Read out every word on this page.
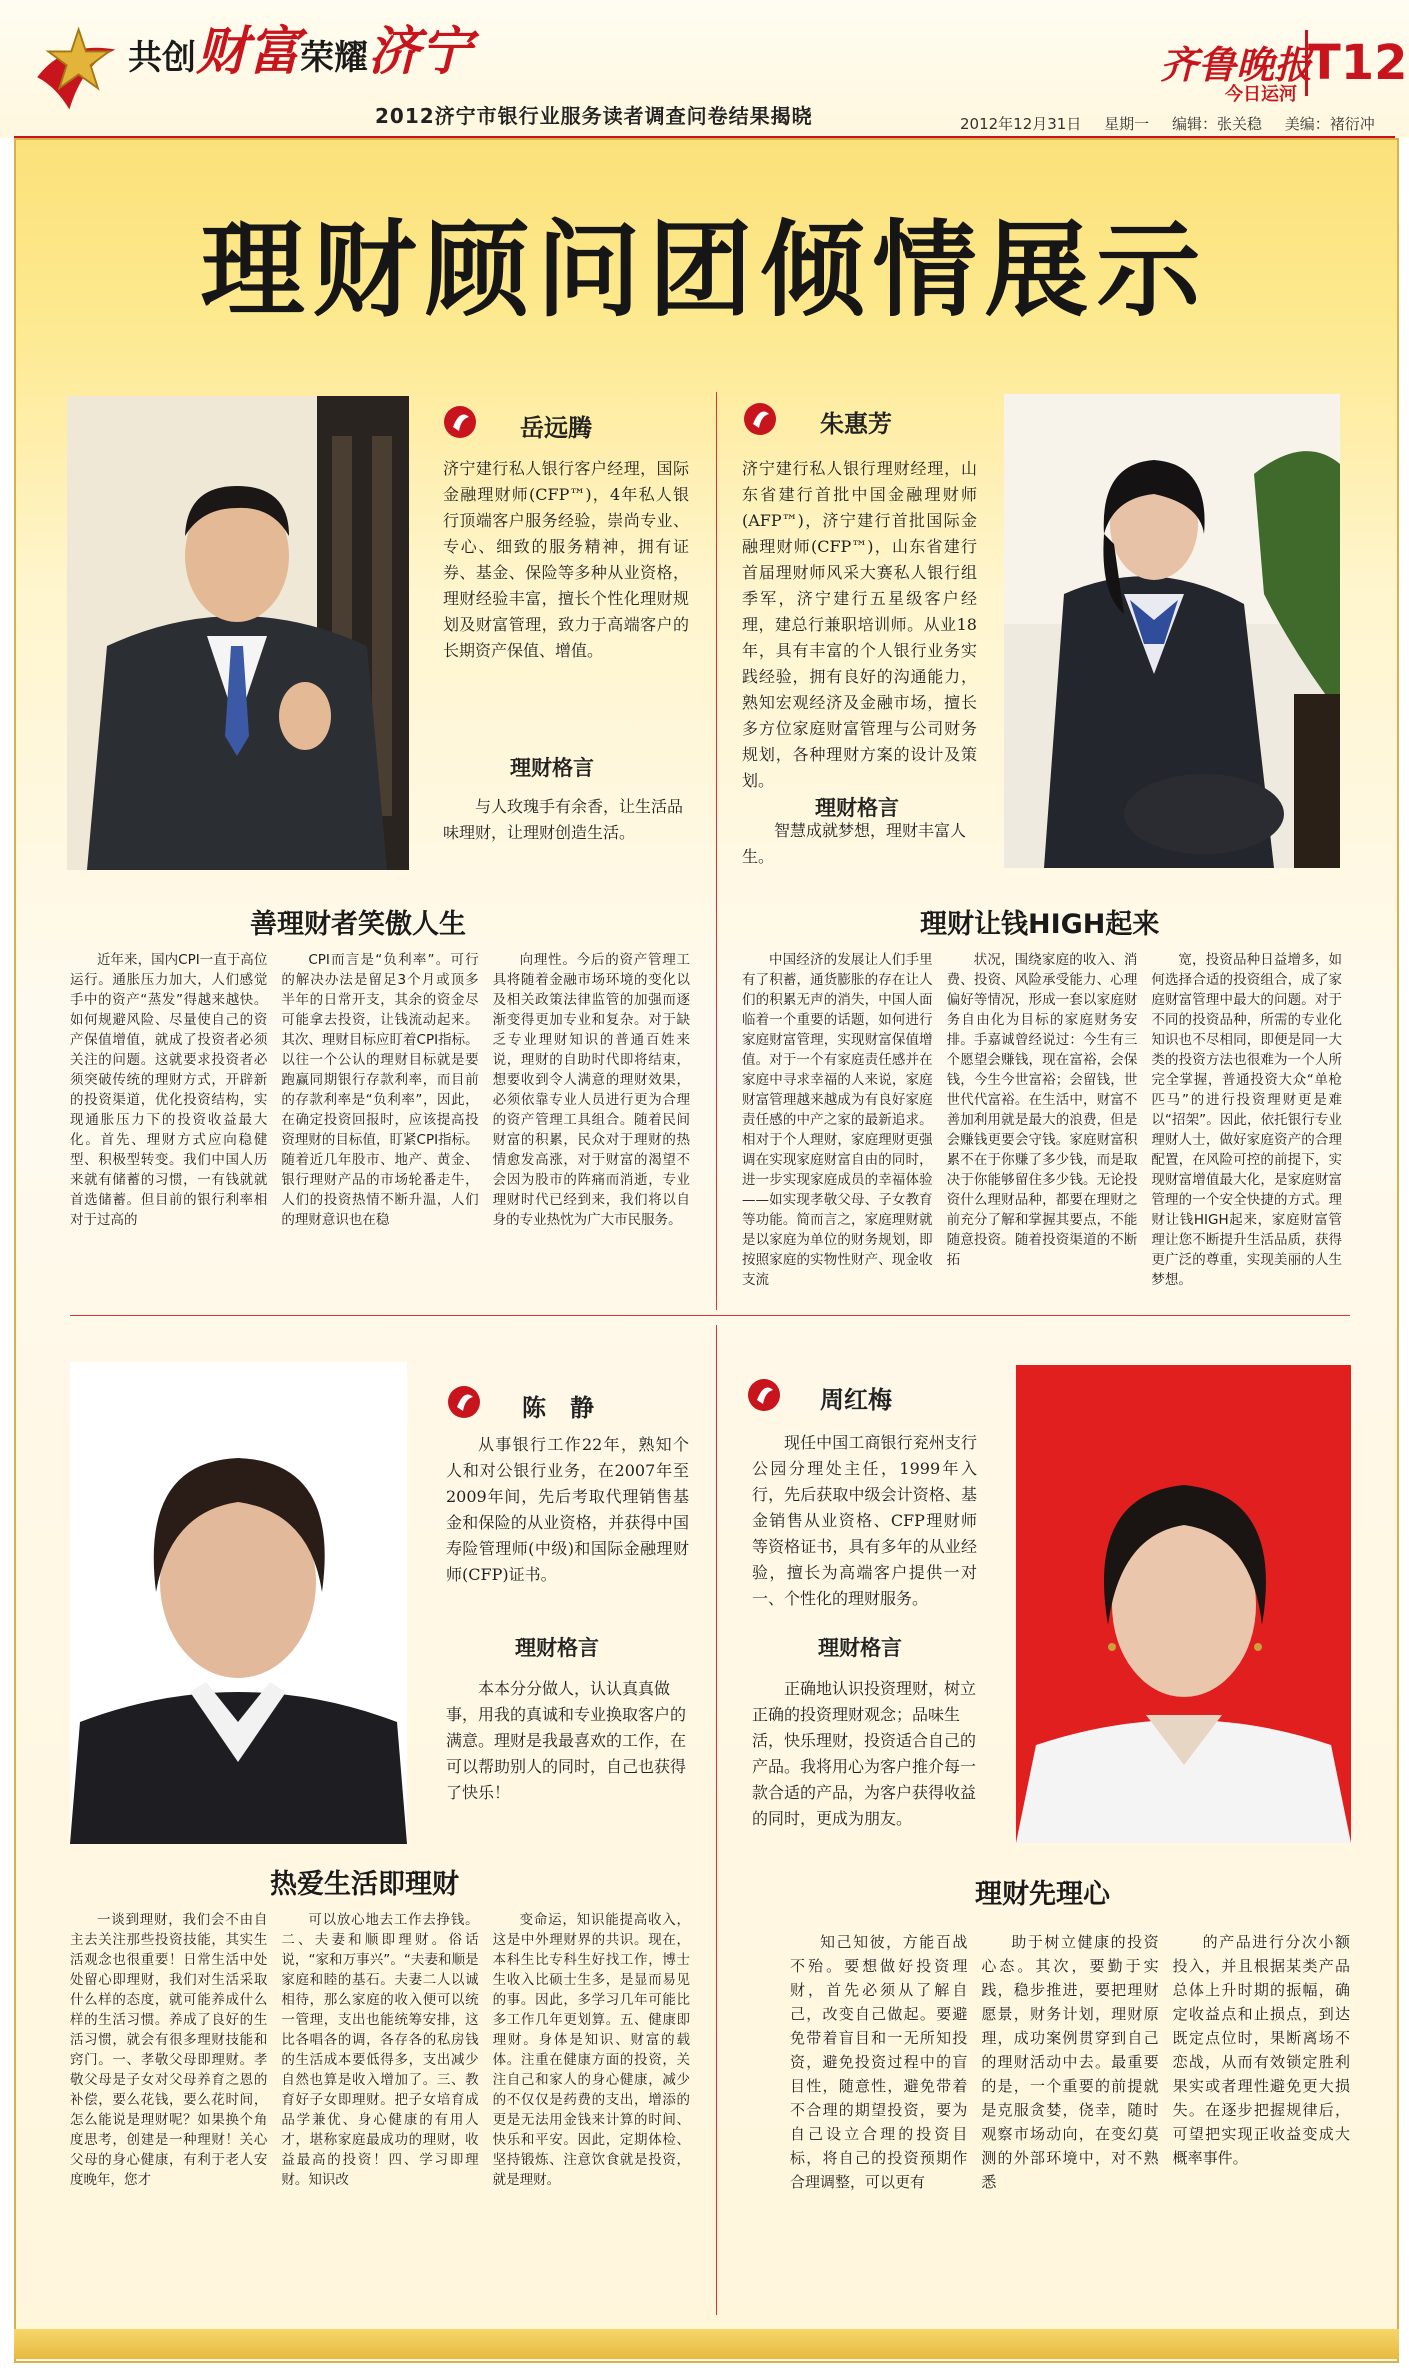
共创财富荣耀济宁
2012济宁市银行业服务读者调查问卷结果揭晓
齐鲁晚报
今日运河
T12
2012年12月31日 星期一 编辑：张关稳 美编：褚衍冲
理财顾问团倾情展示
岳远腾
济宁建行私人银行客户经理，国际金融理财师(CFP™)，4年私人银行顶端客户服务经验，崇尚专业、专心、细致的服务精神，拥有证券、基金、保险等多种从业资格，理财经验丰富，擅长个性化理财规划及财富管理，致力于高端客户的长期资产保值、增值。
理财格言
与人玫瑰手有余香，让生活品味理财，让理财创造生活。
善理财者笑傲人生

近年来，国内CPI一直于高位运行。通胀压力加大，人们感觉手中的资产“蒸发”得越来越快。如何规避风险、尽量使自己的资产保值增值，就成了投资者必须关注的问题。这就要求投资者必须突破传统的理财方式，开辟新的投资渠道，优化投资结构，实现通胀压力下的投资收益最大化。首先、理财方式应向稳健型、积极型转变。我们中国人历来就有储蓄的习惯，一有钱就就首选储蓄。但目前的银行利率相对于过高的

CPI而言是“负利率”。可行的解决办法是留足3个月或顶多半年的日常开支，其余的资金尽可能拿去投资，让钱流动起来。其次、理财目标应盯着CPI指标。以往一个公认的理财目标就是要跑赢同期银行存款利率，而目前的存款利率是“负利率”，因此，在确定投资回报时，应该提高投资理财的目标值，盯紧CPI指标。随着近几年股市、地产、黄金、银行理财产品的市场轮番走牛，人们的投资热情不断升温，人们的理财意识也在稳

向理性。今后的资产管理工具将随着金融市场环境的变化以及相关政策法律监管的加强而逐渐变得更加专业和复杂。对于缺乏专业理财知识的普通百姓来说，理财的自助时代即将结束，想要收到令人满意的理财效果，必须依靠专业人员进行更为合理的资产管理工具组合。随着民间财富的积累，民众对于理财的热情愈发高涨，对于财富的渴望不会因为股市的阵痛而消逝，专业理财时代已经到来，我们将以自身的专业热忱为广大市民服务。

朱惠芳
济宁建行私人银行理财经理，山东省建行首批中国金融理财师(AFP™)，济宁建行首批国际金融理财师(CFP™)，山东省建行首届理财师风采大赛私人银行组季军，济宁建行五星级客户经理，建总行兼职培训师。从业18年，具有丰富的个人银行业务实践经验，拥有良好的沟通能力，熟知宏观经济及金融市场，擅长多方位家庭财富管理与公司财务规划，各种理财方案的设计及策划。
理财格言
智慧成就梦想，理财丰富人生。
理财让钱HIGH起来

中国经济的发展让人们手里有了积蓄，通货膨胀的存在让人们的积累无声的消失，中国人面临着一个重要的话题，如何进行家庭财富管理，实现财富保值增值。对于一个有家庭责任感并在家庭中寻求幸福的人来说，家庭财富管理越来越成为有良好家庭责任感的中产之家的最新追求。相对于个人理财，家庭理财更强调在实现家庭财富自由的同时，进一步实现家庭成员的幸福体验——如实现孝敬父母、子女教育等功能。简而言之，家庭理财就是以家庭为单位的财务规划，即按照家庭的实物性财产、现金收支流

状况，围绕家庭的收入、消费、投资、风险承受能力、心理偏好等情况，形成一套以家庭财务自由化为目标的家庭财务安排。手嘉诚曾经说过：今生有三个愿望会赚钱，现在富裕，会保钱，今生今世富裕；会留钱，世世代代富裕。在生活中，财富不善加利用就是最大的浪费，但是会赚钱更要会守钱。家庭财富积累不在于你赚了多少钱，而是取决于你能够留住多少钱。无论投资什么理财品种，都要在理财之前充分了解和掌握其要点，不能随意投资。随着投资渠道的不断拓

宽，投资品种日益增多，如何选择合适的投资组合，成了家庭财富管理中最大的问题。对于不同的投资品种，所需的专业化知识也不尽相同，即便是同一大类的投资方法也很难为一个人所完全掌握，普通投资大众“单枪匹马”的进行投资理财更是难以“招架”。因此，依托银行专业理财人士，做好家庭资产的合理配置，在风险可控的前提下，实现财富增值最大化，是家庭财富管理的一个安全快捷的方式。理财让钱HIGH起来，家庭财富管理让您不断提升生活品质，获得更广泛的尊重，实现美丽的人生梦想。

陈　静
从事银行工作22年，熟知个人和对公银行业务，在2007年至2009年间，先后考取代理销售基金和保险的从业资格，并获得中国寿险管理师(中级)和国际金融理财师(CFP)证书。
理财格言
本本分分做人，认认真真做事，用我的真诚和专业换取客户的满意。理财是我最喜欢的工作，在可以帮助别人的同时，自己也获得了快乐！
热爱生活即理财

一谈到理财，我们会不由自主去关注那些投资技能，其实生活观念也很重要！日常生活中处处留心即理财，我们对生活采取什么样的态度，就可能养成什么样的生活习惯。养成了良好的生活习惯，就会有很多理财技能和窍门。一、孝敬父母即理财。孝敬父母是子女对父母养育之恩的补偿，要么花钱，要么花时间，怎么能说是理财呢？如果换个角度思考，创建是一种理财！关心父母的身心健康，有利于老人安度晚年，您才

可以放心地去工作去挣钱。二、夫妻和顺即理财。俗话说，“家和万事兴”。“夫妻和顺是家庭和睦的基石。夫妻二人以诚相待，那么家庭的收入便可以统一管理，支出也能统筹安排，这比各唱各的调，各存各的私房钱的生活成本要低得多，支出减少自然也算是收入增加了。三、教育好子女即理财。把子女培育成品学兼优、身心健康的有用人才，堪称家庭最成功的理财，收益最高的投资！四、学习即理财。知识改

变命运，知识能提高收入，这是中外理财界的共识。现在，本科生比专科生好找工作，博士生收入比硕士生多，是显而易见的事。因此，多学习几年可能比多工作几年更划算。五、健康即理财。身体是知识、财富的载体。注重在健康方面的投资，关注自己和家人的身心健康，减少的不仅仅是药费的支出，增添的更是无法用金钱来计算的时间、快乐和平安。因此，定期体检、坚持锻炼、注意饮食就是投资，就是理财。

周红梅
现任中国工商银行兖州支行公园分理处主任，1999年入行，先后获取中级会计资格、基金销售从业资格、CFP理财师等资格证书，具有多年的从业经验，擅长为高端客户提供一对一、个性化的理财服务。
理财格言
正确地认识投资理财，树立正确的投资理财观念；品味生活，快乐理财，投资适合自己的产品。我将用心为客户推介每一款合适的产品，为客户获得收益的同时，更成为朋友。
理财先理心

知己知彼，方能百战不殆。要想做好投资理财，首先必须从了解自己，改变自己做起。要避免带着盲目和一无所知投资，避免投资过程中的盲目性，随意性，避免带着不合理的期望投资，要为自己设立合理的投资目标，将自己的投资预期作合理调整，可以更有

助于树立健康的投资心态。其次，要勤于实践，稳步推进，要把理财愿景，财务计划，理财原理，成功案例贯穿到自己的理财活动中去。最重要的是，一个重要的前提就是克服贪婪，侥幸，随时观察市场动向，在变幻莫测的外部环境中，对不熟悉

的产品进行分次小额投入，并且根据某类产品总体上升时期的振幅，确定收益点和止损点，到达既定点位时，果断离场不恋战，从而有效锁定胜利果实或者理性避免更大损失。在逐步把握规律后，可望把实现正收益变成大概率事件。
